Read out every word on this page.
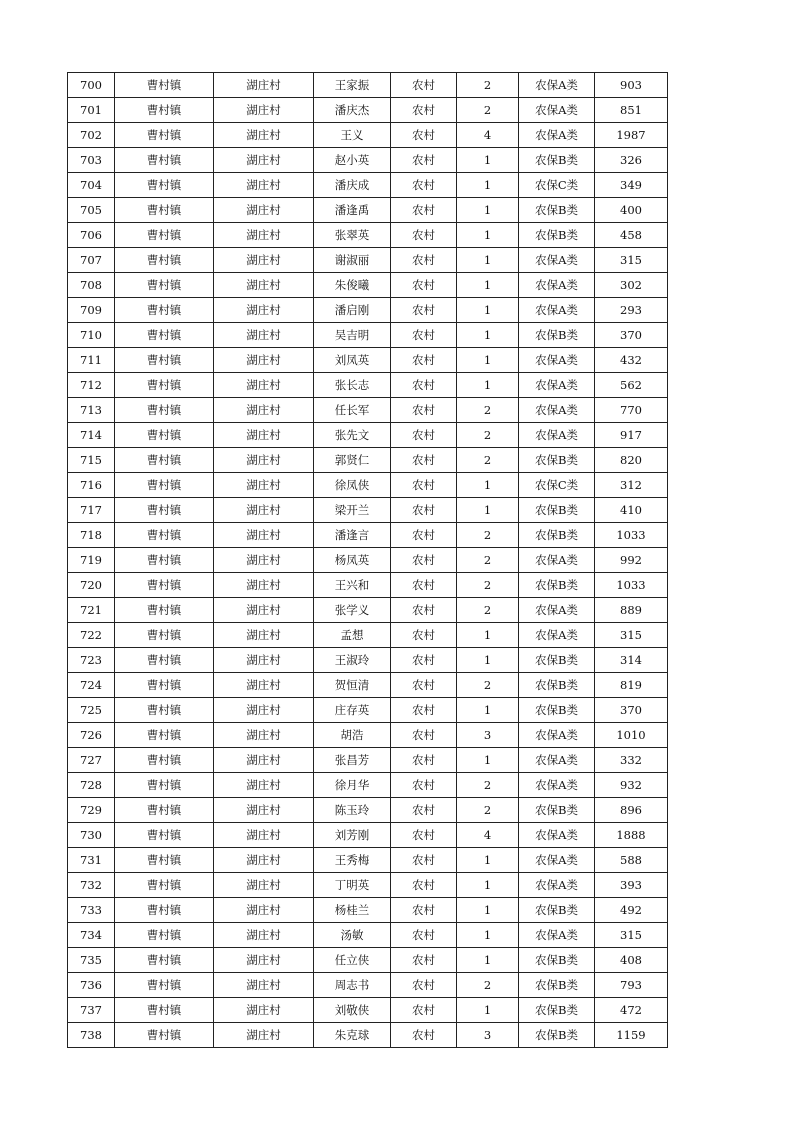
700	曹村镇	湖庄村	王家振	农村	2	农保A类	903
701	曹村镇	湖庄村	潘庆杰	农村	2	农保A类	851
702	曹村镇	湖庄村	王义	农村	4	农保A类	1987
703	曹村镇	湖庄村	赵小英	农村	1	农保B类	326
704	曹村镇	湖庄村	潘庆成	农村	1	农保C类	349
705	曹村镇	湖庄村	潘逢禹	农村	1	农保B类	400
706	曹村镇	湖庄村	张翠英	农村	1	农保B类	458
707	曹村镇	湖庄村	谢淑丽	农村	1	农保A类	315
708	曹村镇	湖庄村	朱俊曦	农村	1	农保A类	302
709	曹村镇	湖庄村	潘启刚	农村	1	农保A类	293
710	曹村镇	湖庄村	吴吉明	农村	1	农保B类	370
711	曹村镇	湖庄村	刘凤英	农村	1	农保A类	432
712	曹村镇	湖庄村	张长志	农村	1	农保A类	562
713	曹村镇	湖庄村	任长军	农村	2	农保A类	770
714	曹村镇	湖庄村	张先文	农村	2	农保A类	917
715	曹村镇	湖庄村	郭贤仁	农村	2	农保B类	820
716	曹村镇	湖庄村	徐凤侠	农村	1	农保C类	312
717	曹村镇	湖庄村	梁开兰	农村	1	农保B类	410
718	曹村镇	湖庄村	潘逢言	农村	2	农保B类	1033
719	曹村镇	湖庄村	杨凤英	农村	2	农保A类	992
720	曹村镇	湖庄村	王兴和	农村	2	农保B类	1033
721	曹村镇	湖庄村	张学义	农村	2	农保A类	889
722	曹村镇	湖庄村	孟想	农村	1	农保A类	315
723	曹村镇	湖庄村	王淑玲	农村	1	农保B类	314
724	曹村镇	湖庄村	贺恒清	农村	2	农保B类	819
725	曹村镇	湖庄村	庄存英	农村	1	农保B类	370
726	曹村镇	湖庄村	胡浩	农村	3	农保A类	1010
727	曹村镇	湖庄村	张昌芳	农村	1	农保A类	332
728	曹村镇	湖庄村	徐月华	农村	2	农保A类	932
729	曹村镇	湖庄村	陈玉玲	农村	2	农保B类	896
730	曹村镇	湖庄村	刘芳刚	农村	4	农保A类	1888
731	曹村镇	湖庄村	王秀梅	农村	1	农保A类	588
732	曹村镇	湖庄村	丁明英	农村	1	农保A类	393
733	曹村镇	湖庄村	杨桂兰	农村	1	农保B类	492
734	曹村镇	湖庄村	汤敏	农村	1	农保A类	315
735	曹村镇	湖庄村	任立侠	农村	1	农保B类	408
736	曹村镇	湖庄村	周志书	农村	2	农保B类	793
737	曹村镇	湖庄村	刘敬侠	农村	1	农保B类	472
738	曹村镇	湖庄村	朱克球	农村	3	农保B类	1159
